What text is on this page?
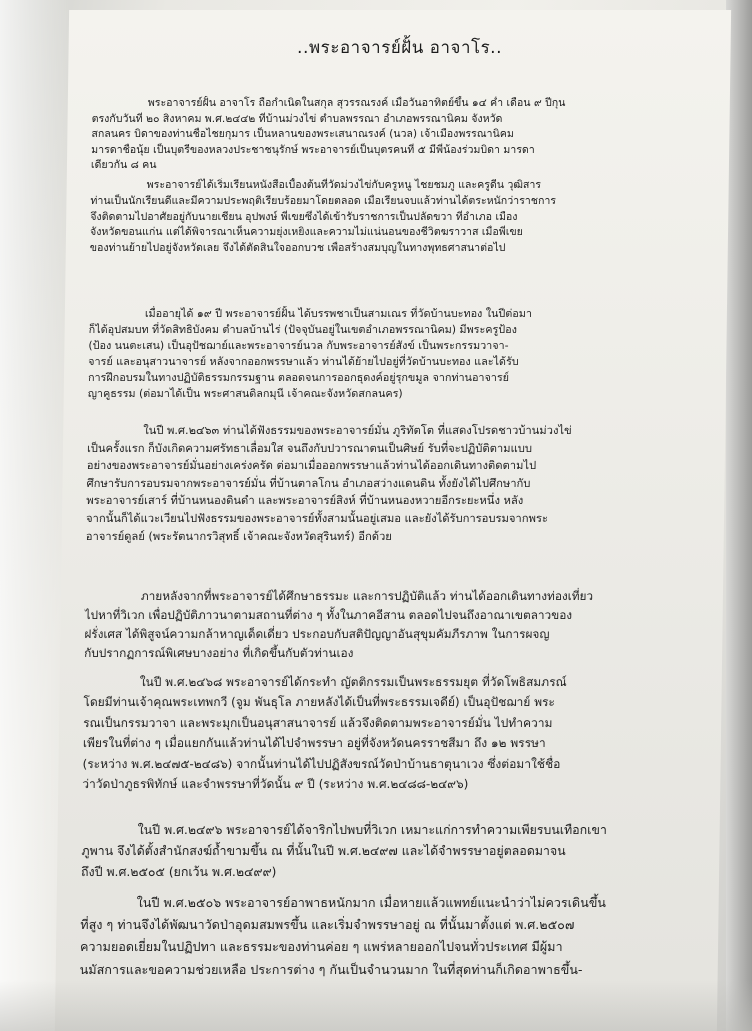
..พระอาจารย์ฝั้น อาจาโร..
พระอาจารย์ฝั้น อาจาโร ถือกำเนิดในสกุล สุวรรณรงค์ เมื่อวันอาทิตย์ขึ้น ๑๔ ค่ำ เดือน ๙ ปีกุน
ตรงกับวันที่ ๒๐ สิงหาคม พ.ศ.๒๔๔๒ ที่บ้านม่วงไข่ ตำบลพรรณา อำเภอพรรณานิคม จังหวัด
สกลนคร บิดาของท่านชื่อไชยกุมาร เป็นหลานของพระเสนาณรงค์ (นวล) เจ้าเมืองพรรณานิคม
มารดาชื่อนุ้ย เป็นบุตรีของหลวงประชาชนุรักษ์ พระอาจารย์เป็นบุตรคนที่ ๕ มีพี่น้องร่วมบิดา มารดา
เดียวกัน ๘ คน
พระอาจารย์ได้เริ่มเรียนหนังสือเบื้องต้นที่วัดม่วงไข่กับครูหนู ไชยชมภู และครูดีน วุฒิสาร
ท่านเป็นนักเรียนดีและมีความประพฤติเรียบร้อยมาโดยตลอด เมื่อเรียนจบแล้วท่านได้ตระหนักว่าราชการ
จึงติดตามไปอาศัยอยู่กับนายเชียน อุปพงษ์ พี่เขยซึ่งได้เข้ารับราชการเป็นปลัดขวา ที่อำเภอ เมือง
จังหวัดขอนแก่น แต่ได้พิจารณาเห็นความยุ่งเหยิงและความไม่แน่นอนของชีวิตฆราวาส เมื่อพี่เขย
ของท่านย้ายไปอยู่จังหวัดเลย จึงได้ตัดสินใจออกบวช เพื่อสร้างสมบุญในทางพุทธศาสนาต่อไป
เมื่ออายุได้ ๑๙ ปี พระอาจารย์ฝั้น ได้บรรพชาเป็นสามเณร ที่วัดบ้านบะทอง ในปีต่อมา
ก็ได้อุปสมบท ที่วัดสิทธิบังคม ตำบลบ้านไร่ (ปัจจุบันอยู่ในเขตอำเภอพรรณานิคม) มีพระครูป้อง
(ป้อง นนตะเสน) เป็นอุปัชฌาย์และพระอาจารย์นวล กับพระอาจารย์สังข์ เป็นพระกรรมวาจา-
จารย์ และอนุสาวนาจารย์ หลังจากออกพรรษาแล้ว ท่านได้ย้ายไปอยู่ที่วัดบ้านบะทอง และได้รับ
การฝึกอบรมในทางปฏิบัติธรรมกรรมฐาน ตลอดจนการออกธุดงค์อยู่รุกขมูล จากท่านอาจารย์
ญาคูธรรม (ต่อมาได้เป็น พระศาสนดิลกมุนี เจ้าคณะจังหวัดสกลนคร)
ในปี พ.ศ.๒๔๖๓ ท่านได้ฟังธรรมของพระอาจารย์มั่น ภูริทัตโต ที่แสดงโปรดชาวบ้านม่วงไข่
เป็นครั้งแรก ก็บังเกิดความศรัทธาเลื่อมใส จนถึงกับปวารณาตนเป็นศิษย์ รับที่จะปฏิบัติตามแบบ
อย่างของพระอาจารย์มั่นอย่างเคร่งครัด ต่อมาเมื่อออกพรรษาแล้วท่านได้ออกเดินทางติดตามไป
ศึกษารับการอบรมจากพระอาจารย์มั่น ที่บ้านตาลโกน อำเภอสว่างแดนดิน ทั้งยังได้ไปศึกษากับ
พระอาจารย์เสาร์ ที่บ้านหนองดินดำ และพระอาจารย์สิงห์ ที่บ้านหนองหวายอีกระยะหนึ่ง หลัง
จากนั้นก็ได้แวะเวียนไปฟังธรรมของพระอาจารย์ทั้งสามนั้นอยู่เสมอ และยังได้รับการอบรมจากพระ
อาจารย์ดูลย์ (พระรัตนากรวิสุทธิ์ เจ้าคณะจังหวัดสุรินทร์) อีกด้วย
ภายหลังจากที่พระอาจารย์ได้ศึกษาธรรมะ และการปฏิบัติแล้ว ท่านได้ออกเดินทางท่องเที่ยว
ไปหาที่วิเวก เพื่อปฏิบัติภาวนาตามสถานที่ต่าง ๆ ทั้งในภาคอีสาน ตลอดไปจนถึงอาณาเขตลาวของ
ฝรั่งเศส ได้พิสูจน์ความกล้าหาญเด็ดเดี่ยว ประกอบกับสติปัญญาอันสุขุมคัมภีรภาพ ในการผจญ
กับปรากฏการณ์พิเศษบางอย่าง ที่เกิดขึ้นกับตัวท่านเอง
ในปี พ.ศ.๒๔๖๘ พระอาจารย์ได้กระทำ ญัตติกรรมเป็นพระธรรมยุต ที่วัดโพธิสมภรณ์
โดยมีท่านเจ้าคุณพระเทพกวี (จูม พันธุโล ภายหลังได้เป็นที่พระธรรมเจดีย์) เป็นอุปัชฌาย์ พระ
รณเป็นกรรมวาจา และพระมุกเป็นอนุสาสนาจารย์ แล้วจึงติดตามพระอาจารย์มั่น ไปทำความ
เพียรในที่ต่าง ๆ เมื่อแยกกันแล้วท่านได้ไปจำพรรษา อยู่ที่จังหวัดนครราชสีมา ถึง ๑๒ พรรษา
(ระหว่าง พ.ศ.๒๔๗๕-๒๔๘๖) จากนั้นท่านได้ไปปฏิสังขรณ์วัดป่าบ้านธาตุนาเวง ซึ่งต่อมาใช้ชื่อ
ว่าวัดป่าภูธรพิทักษ์ และจำพรรษาที่วัดนั้น ๙ ปี (ระหว่าง พ.ศ.๒๔๘๘-๒๔๙๖)
ในปี พ.ศ.๒๔๙๖ พระอาจารย์ได้จาริกไปพบที่วิเวก เหมาะแก่การทำความเพียรบนเทือกเขา
ภูพาน จึงได้ตั้งสำนักสงฆ์ถ้ำขามขึ้น ณ ที่นั้นในปี พ.ศ.๒๔๙๗ และได้จำพรรษาอยู่ตลอดมาจน
ถึงปี พ.ศ.๒๕๐๕ (ยกเว้น พ.ศ.๒๔๙๙)
ในปี พ.ศ.๒๕๐๖ พระอาจารย์อาพาธหนักมาก เมื่อหายแล้วแพทย์แนะนำว่าไม่ควรเดินขึ้น
ที่สูง ๆ ท่านจึงได้พัฒนาวัดป่าอุดมสมพรขึ้น และเริ่มจำพรรษาอยู่ ณ ที่นั้นมาตั้งแต่ พ.ศ.๒๕๐๗
ความยอดเยี่ยมในปฏิปทา และธรรมะของท่านค่อย ๆ แพร่หลายออกไปจนทั่วประเทศ มีผู้มา
นมัสการและขอความช่วยเหลือ ประการต่าง ๆ กันเป็นจำนวนมาก ในที่สุดท่านก็เกิดอาพาธขึ้น-
